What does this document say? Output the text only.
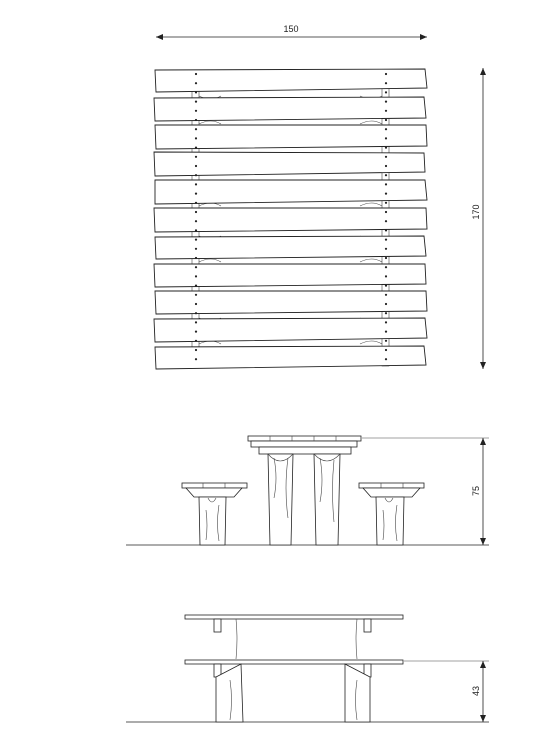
150
170
75
43
